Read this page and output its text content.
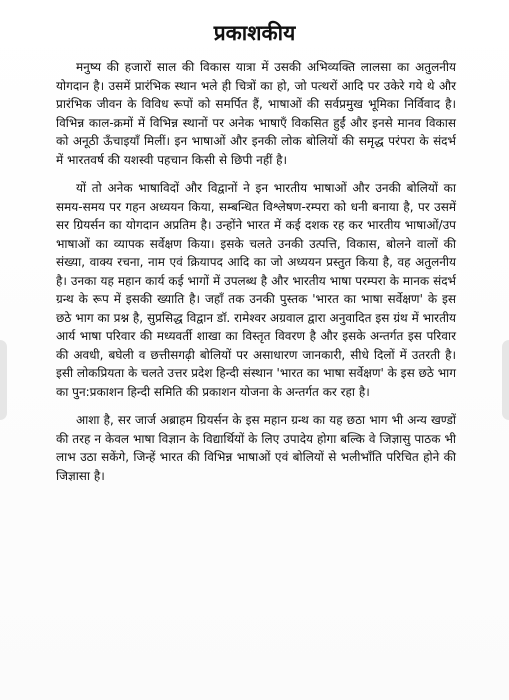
प्रकाशकीय

मनुष्य की हजारों साल की विकास यात्रा में उसकी अभिव्यक्ति लालसा का अतुलनीय योगदान है। उसमें प्रारंभिक स्थान भले ही चित्रों का हो, जो पत्थरों आदि पर उकेरे गये थे और प्रारंभिक जीवन के विविध रूपों को समर्पित हैं, भाषाओं की सर्वप्रमुख भूमिका निर्विवाद है। विभिन्न काल-क्रमों में विभिन्न स्थानों पर अनेक भाषाएँ विकसित हुईं और इनसे मानव विकास को अनूठी ऊँचाइयाँ मिलीं। इन भाषाओं और इनकी लोक बोलियों की समृद्ध परंपरा के संदर्भ में भारतवर्ष की यशस्वी पहचान किसी से छिपी नहीं है।

यों तो अनेक भाषाविदों और विद्वानों ने इन भारतीय भाषाओं और उनकी बोलियों का समय-समय पर गहन अध्ययन किया, सम्बन्धित विश्लेषण-रम्परा को धनी बनाया है, पर उसमें सर ग्रियर्सन का योगदान अप्रतिम है। उन्होंने भारत में कई दशक रह कर भारतीय भाषाओं/उप भाषाओं का व्यापक सर्वेक्षण किया। इसके चलते उनकी उत्पत्ति, विकास, बोलने वालों की संख्या, वाक्य रचना, नाम एवं क्रियापद आदि का जो अध्ययन प्रस्तुत किया है, वह अतुलनीय है। उनका यह महान कार्य कई भागों में उपलब्ध है और भारतीय भाषा परम्परा के मानक संदर्भ ग्रन्थ के रूप में इसकी ख्याति है। जहाँ तक उनकी पुस्तक 'भारत का भाषा सर्वेक्षण' के इस छठे भाग का प्रश्न है, सुप्रसिद्ध विद्वान डॉ. रामेश्वर अग्रवाल द्वारा अनुवादित इस ग्रंथ में भारतीय आर्य भाषा परिवार की मध्यवर्ती शाखा का विस्तृत विवरण है और इसके अन्तर्गत इस परिवार की अवधी, बघेली व छत्तीसगढ़ी बोलियों पर असाधारण जानकारी, सीधे दिलों में उतरती है। इसी लोकप्रियता के चलते उत्तर प्रदेश हिन्दी संस्थान 'भारत का भाषा सर्वेक्षण' के इस छठे भाग का पुन:प्रकाशन हिन्दी समिति की प्रकाशन योजना के अन्तर्गत कर रहा है।

आशा है, सर जार्ज अब्राहम ग्रियर्सन के इस महान ग्रन्थ का यह छठा भाग भी अन्य खण्डों की तरह न केवल भाषा विज्ञान के विद्यार्थियों के लिए उपादेय होगा बल्कि वे जिज्ञासु पाठक भी लाभ उठा सकेंगे, जिन्हें भारत की विभिन्न भाषाओं एवं बोलियों से भलीभाँति परिचित होने की जिज्ञासा है।
